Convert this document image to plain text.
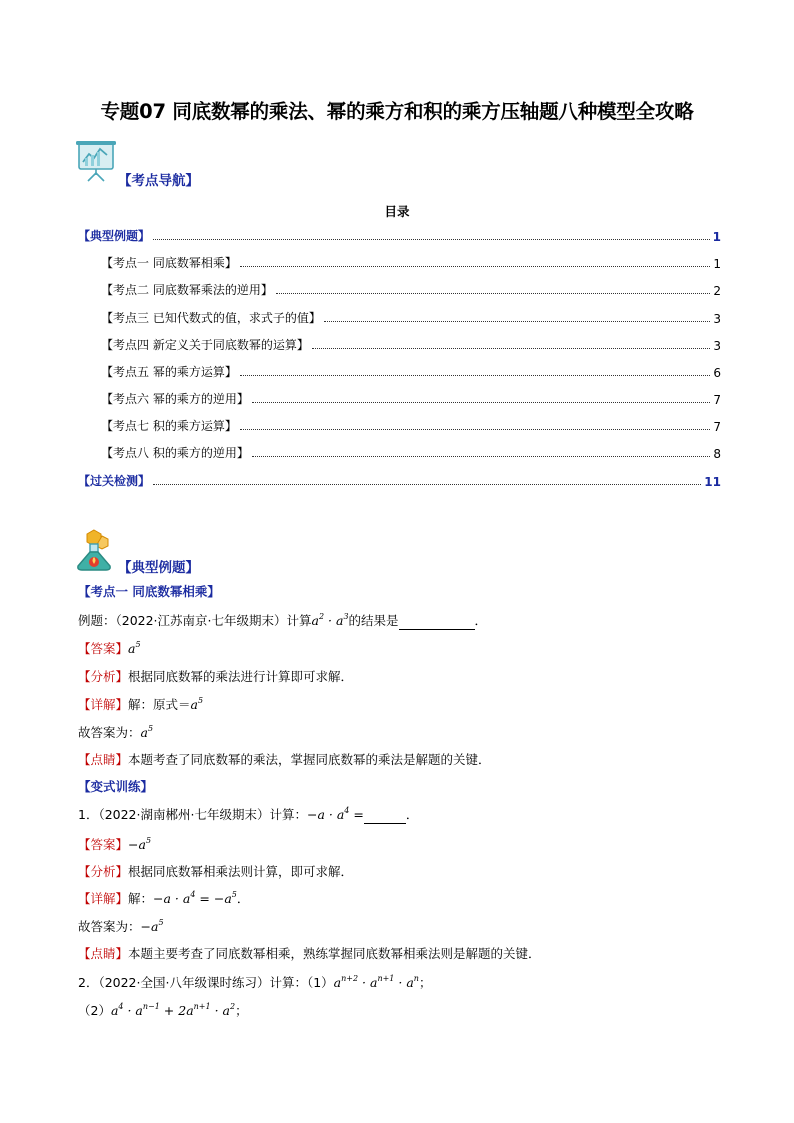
专题07 同底数幂的乘法、幂的乘方和积的乘方压轴题八种模型全攻略
【考点导航】
目录
【典型例题】	1
【考点一 同底数幂相乘】	1
【考点二 同底数幂乘法的逆用】	2
【考点三 已知代数式的值，求式子的值】	3
【考点四 新定义关于同底数幂的运算】	3
【考点五 幂的乘方运算】	6
【考点六 幂的乘方的逆用】	7
【考点七 积的乘方运算】	7
【考点八 积的乘方的逆用】	8
【过关检测】	11
【典型例题】
【考点一 同底数幂相乘】
例题：（2022·江苏南京·七年级期末）计算$a^2 \cdot a^3$的结果是	．
【答案】$a^5$
【分析】根据同底数幂的乘法进行计算即可求解．
【详解】解：原式$=a^5$
故答案为：$a^5$
【点睛】本题考查了同底数幂的乘法，掌握同底数幂的乘法是解题的关键．
【变式训练】
1．（2022·湖南郴州·七年级期末）计算：$-a \cdot a^4$ =	．
【答案】$-a^5$
【分析】根据同底数幂相乘法则计算，即可求解．
【详解】解：$-a \cdot a^4 = -a^5$．
故答案为：$-a^5$
【点睛】本题主要考查了同底数幂相乘，熟练掌握同底数幂相乘法则是解题的关键．
2．（2022·全国·八年级课时练习）计算：$(1)a^{n+2} \cdot a^{n+1} \cdot a^n$；
$(2)a^4 \cdot a^{n-1} + 2a^{n+1} \cdot a^2$；
